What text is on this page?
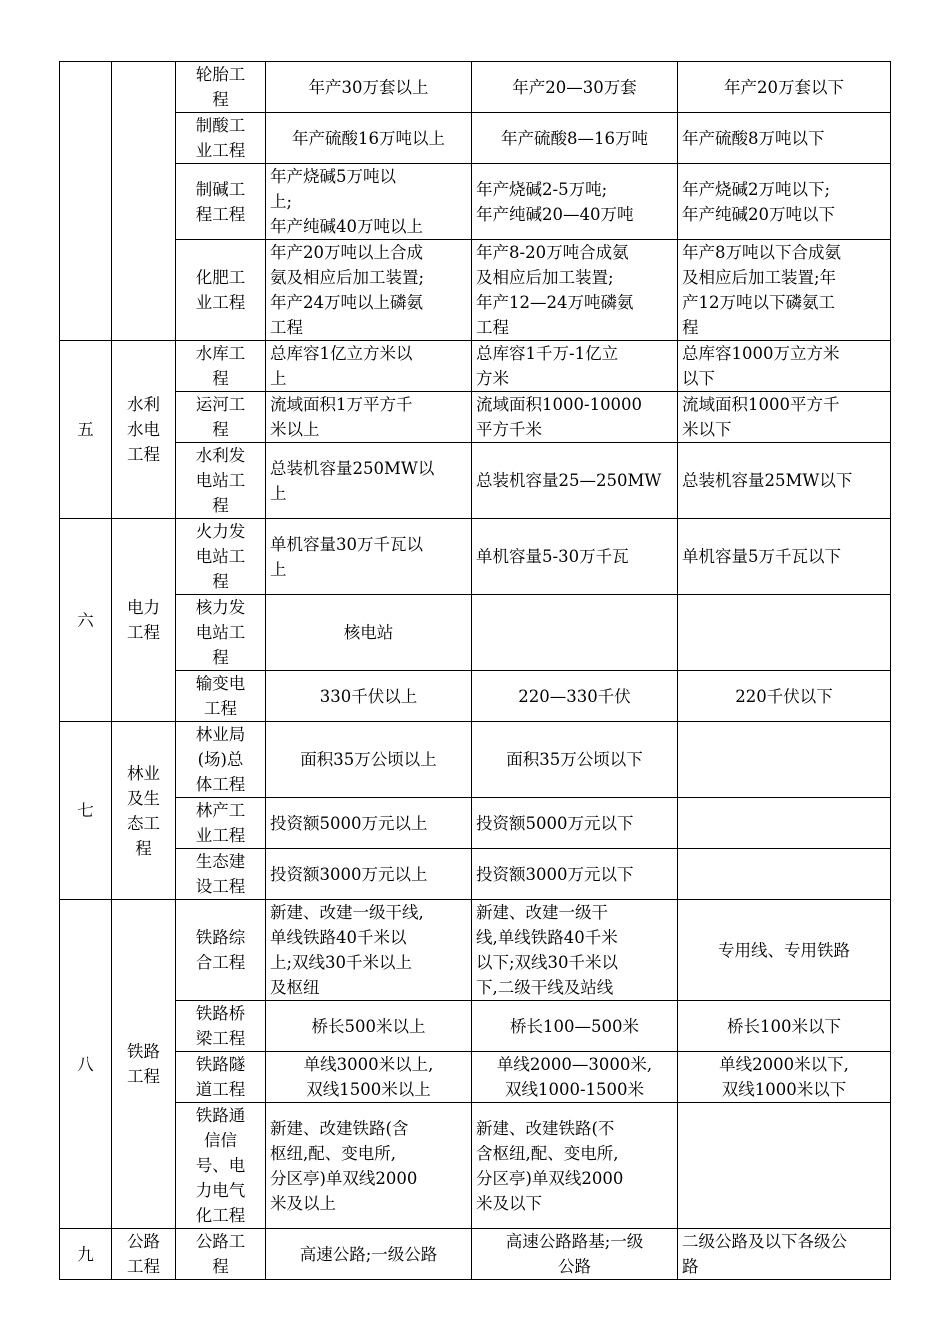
		轮胎工
程	年产30万套以上	年产20—30万套	年产20万套以下

		制酸工
业工程	年产硫酸16万吨以上	年产硫酸8—16万吨	年产硫酸8万吨以下

		制碱工
程工程	年产烧碱5万吨以
上;
年产纯碱40万吨以上	年产烧碱2-5万吨;
年产纯碱20—40万吨	年产烧碱2万吨以下;
年产纯碱20万吨以下

		化肥工
业工程	年产20万吨以上合成
氨及相应后加工装置;
年产24万吨以上磷氨
工程	年产8-20万吨合成氨
及相应后加工装置;
年产12—24万吨磷氨
工程	年产8万吨以下合成氨
及相应后加工装置;年
产12万吨以下磷氨工
程

五	水利
水电
工程	水库工
程	总库容1亿立方米以
上	总库容1千万-1亿立
方米	总库容1000万立方米
以下

		运河工
程	流域面积1万平方千
米以上	流域面积1000-10000
平方千米	流域面积1000平方千
米以下

		水利发
电站工
程	总装机容量250MW以
上	总装机容量25—250MW	总装机容量25MW以下

六	电力
工程	火力发
电站工
程	单机容量30万千瓦以
上	单机容量5-30万千瓦	单机容量5万千瓦以下

		核力发
电站工
程	核电站		

		输变电
工程	330千伏以上	220—330千伏	220千伏以下

七	林业
及生
态工
程	林业局
(场)总
体工程	面积35万公顷以上	面积35万公顷以下	

		林产工
业工程	投资额5000万元以上	投资额5000万元以下	

		生态建
设工程	投资额3000万元以上	投资额3000万元以下	

八	铁路
工程	铁路综
合工程	新建、改建一级干线,
单线铁路40千米以
上;双线30千米以上
及枢纽	新建、改建一级干
线,单线铁路40千米
以下;双线30千米以
下,二级干线及站线	专用线、专用铁路

		铁路桥
梁工程	桥长500米以上	桥长100—500米	桥长100米以下

		铁路隧
道工程	单线3000米以上,
双线1500米以上	单线2000—3000米,
双线1000-1500米	单线2000米以下,
双线1000米以下

		铁路通
信信
号、电
力电气
化工程	新建、改建铁路(含
枢纽,配、变电所,
分区亭)单双线2000
米及以上	新建、改建铁路(不
含枢纽,配、变电所,
分区亭)单双线2000
米及以下	

九	公路
工程	公路工
程	高速公路;一级公路	高速公路路基;一级
公路	二级公路及以下各级公
路
